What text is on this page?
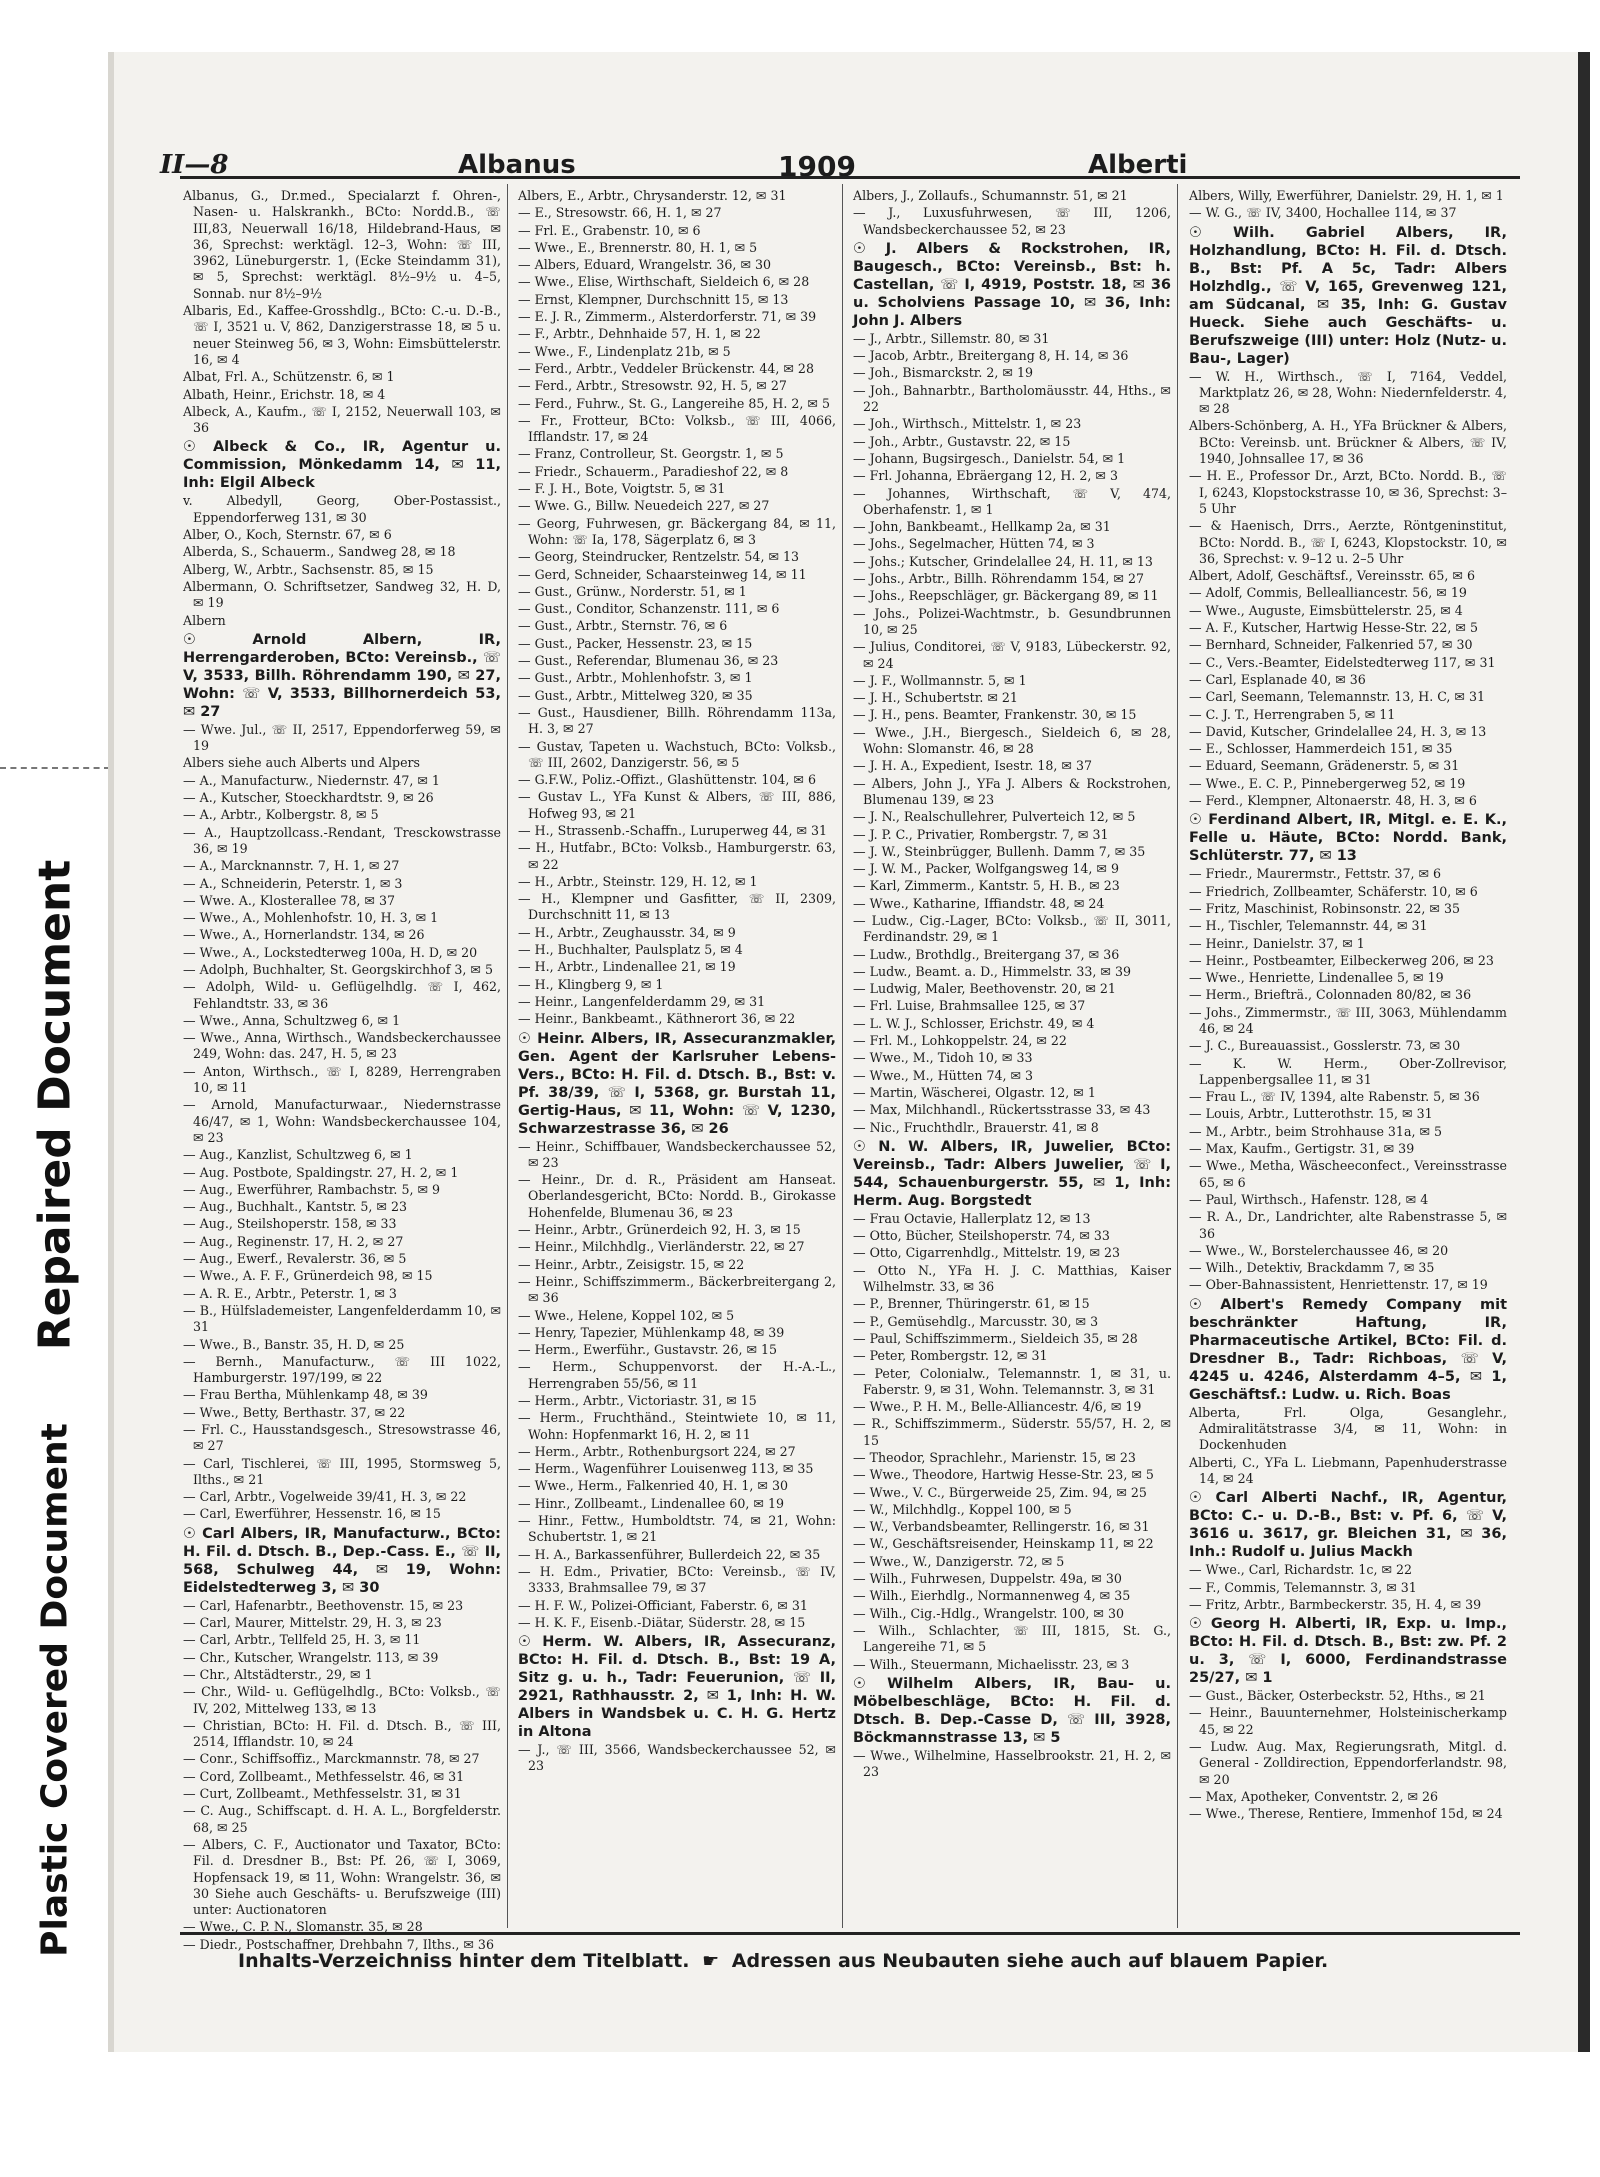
Repaired Document
Plastic Covered Document
II—8	Albanus	1909	Alberti
Albanus, G., Dr.med., Specialarzt f. Ohren-, Nasen- u. Halskrankh., BCto: Nordd.B., ☏ III,83, Neuerwall 16/18, Hildebrand-Haus, ✉ 36, Sprechst: werktägl. 12–3, Wohn: ☏ III, 3962, Lüneburgerstr. 1, (Ecke Steindamm 31), ✉ 5, Sprechst: werktägl. 8½–9½ u. 4–5, Sonnab. nur 8½–9½
Albaris, Ed., Kaffee-Grosshdlg., BCto: C.-u. D.-B., ☏ I, 3521 u. V, 862, Danzigerstrasse 18, ✉ 5 u. neuer Steinweg 56, ✉ 3, Wohn: Eimsbüttelerstr. 16, ✉ 4
Albat, Frl. A., Schützenstr. 6, ✉ 1
Albath, Heinr., Erichstr. 18, ✉ 4
Albeck, A., Kaufm., ☏ I, 2152, Neuerwall 103, ✉ 36
☉ Albeck & Co., IR, Agentur u. Commission, Mönkedamm 14, ✉ 11, Inh: Elgil Albeck
v. Albedyll, Georg, Ober-Postassist., Eppendorferweg 131, ✉ 30
Alber, O., Koch, Sternstr. 67, ✉ 6
Alberda, S., Schauerm., Sandweg 28, ✉ 18
Alberg, W., Arbtr., Sachsenstr. 85, ✉ 15
Albermann, O. Schriftsetzer, Sandweg 32, H. D, ✉ 19
Albern
☉ Arnold Albern, IR, Herrengarderoben, BCto: Vereinsb., ☏ V, 3533, Billh. Röhrendamm 190, ✉ 27, Wohn: ☏ V, 3533, Billhornerdeich 53, ✉ 27
— Wwe. Jul., ☏ II, 2517, Eppendorferweg 59, ✉ 19
Albers siehe auch Alberts und Alpers
— A., Manufacturw., Niedernstr. 47, ✉ 1
— A., Kutscher, Stoeckhardtstr. 9, ✉ 26
— A., Arbtr., Kolbergstr. 8, ✉ 5
— A., Hauptzollcass.-Rendant, Tresckowstrasse 36, ✉ 19
— A., Marcknannstr. 7, H. 1, ✉ 27
— A., Schneiderin, Peterstr. 1, ✉ 3
— Wwe. A., Klosterallee 78, ✉ 37
— Wwe., A., Mohlenhofstr. 10, H. 3, ✉ 1
— Wwe., A., Hornerlandstr. 134, ✉ 26
— Wwe., A., Lockstedterweg 100a, H. D, ✉ 20
— Adolph, Buchhalter, St. Georgskirchhof 3, ✉ 5
— Adolph, Wild- u. Geflügelhdlg. ☏ I, 462, Fehlandtstr. 33, ✉ 36
— Wwe., Anna, Schultzweg 6, ✉ 1
— Wwe., Anna, Wirthsch., Wandsbeckerchaussee 249, Wohn: das. 247, H. 5, ✉ 23
— Anton, Wirthsch., ☏ I, 8289, Herrengraben 10, ✉ 11
— Arnold, Manufacturwaar., Niedernstrasse 46/47, ✉ 1, Wohn: Wandsbeckerchaussee 104, ✉ 23
— Aug., Kanzlist, Schultzweg 6, ✉ 1
— Aug. Postbote, Spaldingstr. 27, H. 2, ✉ 1
— Aug., Ewerführer, Rambachstr. 5, ✉ 9
— Aug., Buchhalt., Kantstr. 5, ✉ 23
— Aug., Steilshoperstr. 158, ✉ 33
— Aug., Reginenstr. 17, H. 2, ✉ 27
— Aug., Ewerf., Revalerstr. 36, ✉ 5
— Wwe., A. F. F., Grünerdeich 98, ✉ 15
— A. R. E., Arbtr., Peterstr. 1, ✉ 3
— B., Hülfslademeister, Langenfelderdamm 10, ✉ 31
— Wwe., B., Banstr. 35, H. D, ✉ 25
— Bernh., Manufacturw., ☏ III 1022, Hamburgerstr. 197/199, ✉ 22
— Frau Bertha, Mühlenkamp 48, ✉ 39
— Wwe., Betty, Berthastr. 37, ✉ 22
— Frl. C., Hausstandsgesch., Stresowstrasse 46, ✉ 27
— Carl, Tischlerei, ☏ III, 1995, Stormsweg 5, Ilths., ✉ 21
— Carl, Arbtr., Vogelweide 39/41, H. 3, ✉ 22
— Carl, Ewerführer, Hessenstr. 16, ✉ 15
☉ Carl Albers, IR, Manufacturw., BCto: H. Fil. d. Dtsch. B., Dep.-Cass. E., ☏ II, 568, Schulweg 44, ✉ 19, Wohn: Eidelstedterweg 3, ✉ 30
— Carl, Hafenarbtr., Beethovenstr. 15, ✉ 23
— Carl, Maurer, Mittelstr. 29, H. 3, ✉ 23
— Carl, Arbtr., Tellfeld 25, H. 3, ✉ 11
— Chr., Kutscher, Wrangelstr. 113, ✉ 39
— Chr., Altstädterstr., 29, ✉ 1
— Chr., Wild- u. Geflügelhdlg., BCto: Volksb., ☏ IV, 202, Mittelweg 133, ✉ 13
— Christian, BCto: H. Fil. d. Dtsch. B., ☏ III, 2514, Ifflandstr. 10, ✉ 24
— Conr., Schiffsoffiz., Marckmannstr. 78, ✉ 27
— Cord, Zollbeamt., Methfesselstr. 46, ✉ 31
— Curt, Zollbeamt., Methfesselstr. 31, ✉ 31
— C. Aug., Schiffscapt. d. H. A. L., Borgfelderstr. 68, ✉ 25
— Albers, C. F., Auctionator und Taxator, BCto: Fil. d. Dresdner B., Bst: Pf. 26, ☏ I, 3069, Hopfensack 19, ✉ 11, Wohn: Wrangelstr. 36, ✉ 30 Siehe auch Geschäfts- u. Berufszweige (III) unter: Auctionatoren
— Wwe., C. P. N., Slomanstr. 35, ✉ 28
— Diedr., Postschaffner, Drehbahn 7, Ilths., ✉ 36
Albers, E., Arbtr., Chrysanderstr. 12, ✉ 31
— E., Stresowstr. 66, H. 1, ✉ 27
— Frl. E., Grabenstr. 10, ✉ 6
— Wwe., E., Brennerstr. 80, H. 1, ✉ 5
— Albers, Eduard, Wrangelstr. 36, ✉ 30
— Wwe., Elise, Wirthschaft, Sieldeich 6, ✉ 28
— Ernst, Klempner, Durchschnitt 15, ✉ 13
— E. J. R., Zimmerm., Alsterdorferstr. 71, ✉ 39
— F., Arbtr., Dehnhaide 57, H. 1, ✉ 22
— Wwe., F., Lindenplatz 21b, ✉ 5
— Ferd., Arbtr., Veddeler Brückenstr. 44, ✉ 28
— Ferd., Arbtr., Stresowstr. 92, H. 5, ✉ 27
— Ferd., Fuhrw., St. G., Langereihe 85, H. 2, ✉ 5
— Fr., Frotteur, BCto: Volksb., ☏ III, 4066, Ifflandstr. 17, ✉ 24
— Franz, Controlleur, St. Georgstr. 1, ✉ 5
— Friedr., Schauerm., Paradieshof 22, ✉ 8
— F. J. H., Bote, Voigtstr. 5, ✉ 31
— Wwe. G., Billw. Neuedeich 227, ✉ 27
— Georg, Fuhrwesen, gr. Bäckergang 84, ✉ 11, Wohn: ☏ Ia, 178, Sägerplatz 6, ✉ 3
— Georg, Steindrucker, Rentzelstr. 54, ✉ 13
— Gerd, Schneider, Schaarsteinweg 14, ✉ 11
— Gust., Grünw., Norderstr. 51, ✉ 1
— Gust., Conditor, Schanzenstr. 111, ✉ 6
— Gust., Arbtr., Sternstr. 76, ✉ 6
— Gust., Packer, Hessenstr. 23, ✉ 15
— Gust., Referendar, Blumenau 36, ✉ 23
— Gust., Arbtr., Mohlenhofstr. 3, ✉ 1
— Gust., Arbtr., Mittelweg 320, ✉ 35
— Gust., Hausdiener, Billh. Röhrendamm 113a, H. 3, ✉ 27
— Gustav, Tapeten u. Wachstuch, BCto: Volksb., ☏ III, 2602, Danzigerstr. 56, ✉ 5
— G.F.W., Poliz.-Offizt., Glashüttenstr. 104, ✉ 6
— Gustav L., YFa Kunst & Albers, ☏ III, 886, Hofweg 93, ✉ 21
— H., Strassenb.-Schaffn., Luruperweg 44, ✉ 31
— H., Hutfabr., BCto: Volksb., Hamburgerstr. 63, ✉ 22
— H., Arbtr., Steinstr. 129, H. 12, ✉ 1
— H., Klempner und Gasfitter, ☏ II, 2309, Durchschnitt 11, ✉ 13
— H., Arbtr., Zeughausstr. 34, ✉ 9
— H., Buchhalter, Paulsplatz 5, ✉ 4
— H., Arbtr., Lindenallee 21, ✉ 19
— H., Klingberg 9, ✉ 1
— Heinr., Langenfelderdamm 29, ✉ 31
— Heinr., Bankbeamt., Käthnerort 36, ✉ 22
☉ Heinr. Albers, IR, Assecuranzmakler, Gen. Agent der Karlsruher Lebens-Vers., BCto: H. Fil. d. Dtsch. B., Bst: v. Pf. 38/39, ☏ I, 5368, gr. Burstah 11, Gertig-Haus, ✉ 11, Wohn: ☏ V, 1230, Schwarzestrasse 36, ✉ 26
— Heinr., Schiffbauer, Wandsbeckerchaussee 52, ✉ 23
— Heinr., Dr. d. R., Präsident am Hanseat. Oberlandesgericht, BCto: Nordd. B., Girokasse Hohenfelde, Blumenau 36, ✉ 23
— Heinr., Arbtr., Grünerdeich 92, H. 3, ✉ 15
— Heinr., Milchhdlg., Vierländerstr. 22, ✉ 27
— Heinr., Arbtr., Zeisigstr. 15, ✉ 22
— Heinr., Schiffszimmerm., Bäckerbreitergang 2, ✉ 36
— Wwe., Helene, Koppel 102, ✉ 5
— Henry, Tapezier, Mühlenkamp 48, ✉ 39
— Herm., Ewerführ., Gustavstr. 26, ✉ 15
— Herm., Schuppenvorst. der H.-A.-L., Herrengraben 55/56, ✉ 11
— Herm., Arbtr., Victoriastr. 31, ✉ 15
— Herm., Fruchthänd., Steintwiete 10, ✉ 11, Wohn: Hopfenmarkt 16, H. 2, ✉ 11
— Herm., Arbtr., Rothenburgsort 224, ✉ 27
— Herm., Wagenführer Louisenweg 113, ✉ 35
— Wwe., Herm., Falkenried 40, H. 1, ✉ 30
— Hinr., Zollbeamt., Lindenallee 60, ✉ 19
— Hinr., Fettw., Humboldtstr. 74, ✉ 21, Wohn: Schubertstr. 1, ✉ 21
— H. A., Barkassenführer, Bullerdeich 22, ✉ 35
— H. Edm., Privatier, BCto: Vereinsb., ☏ IV, 3333, Brahmsallee 79, ✉ 37
— H. F. W., Polizei-Officiant, Faberstr. 6, ✉ 31
— H. K. F., Eisenb.-Diätar, Süderstr. 28, ✉ 15
☉ Herm. W. Albers, IR, Assecuranz, BCto: H. Fil. d. Dtsch. B., Bst: 19 A, Sitz g. u. h., Tadr: Feuerunion, ☏ II, 2921, Rathhausstr. 2, ✉ 1, Inh: H. W. Albers in Wandsbek u. C. H. G. Hertz in Altona
— J., ☏ III, 3566, Wandsbeckerchaussee 52, ✉ 23
Albers, J., Zollaufs., Schumannstr. 51, ✉ 21
— J., Luxusfuhrwesen, ☏ III, 1206, Wandsbeckerchaussee 52, ✉ 23
☉ J. Albers & Rockstrohen, IR, Baugesch., BCto: Vereinsb., Bst: h. Castellan, ☏ I, 4919, Poststr. 18, ✉ 36 u. Scholviens Passage 10, ✉ 36, Inh: John J. Albers
— J., Arbtr., Sillemstr. 80, ✉ 31
— Jacob, Arbtr., Breitergang 8, H. 14, ✉ 36
— Joh., Bismarckstr. 2, ✉ 19
— Joh., Bahnarbtr., Bartholomäusstr. 44, Hths., ✉ 22
— Joh., Wirthsch., Mittelstr. 1, ✉ 23
— Joh., Arbtr., Gustavstr. 22, ✉ 15
— Johann, Bugsirgesch., Danielstr. 54, ✉ 1
— Frl. Johanna, Ebräergang 12, H. 2, ✉ 3
— Johannes, Wirthschaft, ☏ V, 474, Oberhafenstr. 1, ✉ 1
— John, Bankbeamt., Hellkamp 2a, ✉ 31
— Johs., Segelmacher, Hütten 74, ✉ 3
— Johs.; Kutscher, Grindelallee 24, H. 11, ✉ 13
— Johs., Arbtr., Billh. Röhrendamm 154, ✉ 27
— Johs., Reepschläger, gr. Bäckergang 89, ✉ 11
— Johs., Polizei-Wachtmstr., b. Gesundbrunnen 10, ✉ 25
— Julius, Conditorei, ☏ V, 9183, Lübeckerstr. 92, ✉ 24
— J. F., Wollmannstr. 5, ✉ 1
— J. H., Schubertstr. ✉ 21
— J. H., pens. Beamter, Frankenstr. 30, ✉ 15
— Wwe., J.H., Biergesch., Sieldeich 6, ✉ 28, Wohn: Slomanstr. 46, ✉ 28
— J. H. A., Expedient, Isestr. 18, ✉ 37
— Albers, John J., YFa J. Albers & Rockstrohen, Blumenau 139, ✉ 23
— J. N., Realschullehrer, Pulverteich 12, ✉ 5
— J. P. C., Privatier, Rombergstr. 7, ✉ 31
— J. W., Steinbrügger, Bullenh. Damm 7, ✉ 35
— J. W. M., Packer, Wolfgangsweg 14, ✉ 9
— Karl, Zimmerm., Kantstr. 5, H. B., ✉ 23
— Wwe., Katharine, Iffiandstr. 48, ✉ 24
— Ludw., Cig.-Lager, BCto: Volksb., ☏ II, 3011, Ferdinandstr. 29, ✉ 1
— Ludw., Brothdlg., Breitergang 37, ✉ 36
— Ludw., Beamt. a. D., Himmelstr. 33, ✉ 39
— Ludwig, Maler, Beethovenstr. 20, ✉ 21
— Frl. Luise, Brahmsallee 125, ✉ 37
— L. W. J., Schlosser, Erichstr. 49, ✉ 4
— Frl. M., Lohkoppelstr. 24, ✉ 22
— Wwe., M., Tidoh 10, ✉ 33
— Wwe., M., Hütten 74, ✉ 3
— Martin, Wäscherei, Olgastr. 12, ✉ 1
— Max, Milchhandl., Rückertsstrasse 33, ✉ 43
— Nic., Fruchthdlr., Brauerstr. 41, ✉ 8
☉ N. W. Albers, IR, Juwelier, BCto: Vereinsb., Tadr: Albers Juwelier, ☏ I, 544, Schauenburgerstr. 55, ✉ 1, Inh: Herm. Aug. Borgstedt
— Frau Octavie, Hallerplatz 12, ✉ 13
— Otto, Bücher, Steilshoperstr. 74, ✉ 33
— Otto, Cigarrenhdlg., Mittelstr. 19, ✉ 23
— Otto N., YFa H. J. C. Matthias, Kaiser Wilhelmstr. 33, ✉ 36
— P., Brenner, Thüringerstr. 61, ✉ 15
— P., Gemüsehdlg., Marcusstr. 30, ✉ 3
— Paul, Schiffszimmerm., Sieldeich 35, ✉ 28
— Peter, Rombergstr. 12, ✉ 31
— Peter, Colonialw., Telemannstr. 1, ✉ 31, u. Faberstr. 9, ✉ 31, Wohn. Telemannstr. 3, ✉ 31
— Wwe., P. H. M., Belle-Alliancestr. 4/6, ✉ 19
— R., Schiffszimmerm., Süderstr. 55/57, H. 2, ✉ 15
— Theodor, Sprachlehr., Marienstr. 15, ✉ 23
— Wwe., Theodore, Hartwig Hesse-Str. 23, ✉ 5
— Wwe., V. C., Bürgerweide 25, Zim. 94, ✉ 25
— W., Milchhdlg., Koppel 100, ✉ 5
— W., Verbandsbeamter, Rellingerstr. 16, ✉ 31
— W., Geschäftsreisender, Heinskamp 11, ✉ 22
— Wwe., W., Danzigerstr. 72, ✉ 5
— Wilh., Fuhrwesen, Duppelstr. 49a, ✉ 30
— Wilh., Eierhdlg., Normannenweg 4, ✉ 35
— Wilh., Cig.-Hdlg., Wrangelstr. 100, ✉ 30
— Wilh., Schlachter, ☏ III, 1815, St. G., Langereihe 71, ✉ 5
— Wilh., Steuermann, Michaelisstr. 23, ✉ 3
☉ Wilhelm Albers, IR, Bau- u. Möbelbeschläge, BCto: H. Fil. d. Dtsch. B. Dep.-Casse D, ☏ III, 3928, Böckmannstrasse 13, ✉ 5
— Wwe., Wilhelmine, Hasselbrookstr. 21, H. 2, ✉ 23
Albers, Willy, Ewerführer, Danielstr. 29, H. 1, ✉ 1
— W. G., ☏ IV, 3400, Hochallee 114, ✉ 37
☉ Wilh. Gabriel Albers, IR, Holzhandlung, BCto: H. Fil. d. Dtsch. B., Bst: Pf. A 5c, Tadr: Albers Holzhdlg., ☏ V, 165, Grevenweg 121, am Südcanal, ✉ 35, Inh: G. Gustav Hueck. Siehe auch Geschäfts- u. Berufszweige (III) unter: Holz (Nutz- u. Bau-, Lager)
— W. H., Wirthsch., ☏ I, 7164, Veddel, Marktplatz 26, ✉ 28, Wohn: Niedernfelderstr. 4, ✉ 28
Albers-Schönberg, A. H., YFa Brückner & Albers, BCto: Vereinsb. unt. Brückner & Albers, ☏ IV, 1940, Johnsallee 17, ✉ 36
— H. E., Professor Dr., Arzt, BCto. Nordd. B., ☏ I, 6243, Klopstockstrasse 10, ✉ 36, Sprechst: 3–5 Uhr
— & Haenisch, Drrs., Aerzte, Röntgeninstitut, BCto: Nordd. B., ☏ I, 6243, Klopstockstr. 10, ✉ 36, Sprechst: v. 9–12 u. 2–5 Uhr
Albert, Adolf, Geschäftsf., Vereinsstr. 65, ✉ 6
— Adolf, Commis, Bellealliancestr. 56, ✉ 19
— Wwe., Auguste, Eimsbüttelerstr. 25, ✉ 4
— A. F., Kutscher, Hartwig Hesse-Str. 22, ✉ 5
— Bernhard, Schneider, Falkenried 57, ✉ 30
— C., Vers.-Beamter, Eidelstedterweg 117, ✉ 31
— Carl, Esplanade 40, ✉ 36
— Carl, Seemann, Telemannstr. 13, H. C, ✉ 31
— C. J. T., Herrengraben 5, ✉ 11
— David, Kutscher, Grindelallee 24, H. 3, ✉ 13
— E., Schlosser, Hammerdeich 151, ✉ 35
— Eduard, Seemann, Grädenerstr. 5, ✉ 31
— Wwe., E. C. P., Pinnebergerweg 52, ✉ 19
— Ferd., Klempner, Altonaerstr. 48, H. 3, ✉ 6
☉ Ferdinand Albert, IR, Mitgl. e. E. K., Felle u. Häute, BCto: Nordd. Bank, Schlüterstr. 77, ✉ 13
— Friedr., Maurermstr., Fettstr. 37, ✉ 6
— Friedrich, Zollbeamter, Schäferstr. 10, ✉ 6
— Fritz, Maschinist, Robinsonstr. 22, ✉ 35
— H., Tischler, Telemannstr. 44, ✉ 31
— Heinr., Danielstr. 37, ✉ 1
— Heinr., Postbeamter, Eilbeckerweg 206, ✉ 23
— Wwe., Henriette, Lindenallee 5, ✉ 19
— Herm., Briefträ., Colonnaden 80/82, ✉ 36
— Johs., Zimmermstr., ☏ III, 3063, Mühlendamm 46, ✉ 24
— J. C., Bureauassist., Gosslerstr. 73, ✉ 30
— K. W. Herm., Ober-Zollrevisor, Lappenbergsallee 11, ✉ 31
— Frau L., ☏ IV, 1394, alte Rabenstr. 5, ✉ 36
— Louis, Arbtr., Lutterothstr. 15, ✉ 31
— M., Arbtr., beim Strohhause 31a, ✉ 5
— Max, Kaufm., Gertigstr. 31, ✉ 39
— Wwe., Metha, Wäscheeconfect., Vereinsstrasse 65, ✉ 6
— Paul, Wirthsch., Hafenstr. 128, ✉ 4
— R. A., Dr., Landrichter, alte Rabenstrasse 5, ✉ 36
— Wwe., W., Borstelerchaussee 46, ✉ 20
— Wilh., Detektiv, Brackdamm 7, ✉ 35
— Ober-Bahnassistent, Henriettenstr. 17, ✉ 19
☉ Albert's Remedy Company mit beschränkter Haftung, IR, Pharmaceutische Artikel, BCto: Fil. d. Dresdner B., Tadr: Richboas, ☏ V, 4245 u. 4246, Alsterdamm 4–5, ✉ 1, Geschäftsf.: Ludw. u. Rich. Boas
Alberta, Frl. Olga, Gesanglehr., Admiralitätstrasse 3/4, ✉ 11, Wohn: in Dockenhuden
Alberti, C., YFa L. Liebmann, Papenhuderstrasse 14, ✉ 24
☉ Carl Alberti Nachf., IR, Agentur, BCto: C.- u. D.-B., Bst: v. Pf. 6, ☏ V, 3616 u. 3617, gr. Bleichen 31, ✉ 36, Inh.: Rudolf u. Julius Mackh
— Wwe., Carl, Richardstr. 1c, ✉ 22
— F., Commis, Telemannstr. 3, ✉ 31
— Fritz, Arbtr., Barmbeckerstr. 35, H. 4, ✉ 39
☉ Georg H. Alberti, IR, Exp. u. Imp., BCto: H. Fil. d. Dtsch. B., Bst: zw. Pf. 2 u. 3, ☏ I, 6000, Ferdinandstrasse 25/27, ✉ 1
— Gust., Bäcker, Osterbeckstr. 52, Hths., ✉ 21
— Heinr., Bauunternehmer, Holsteinischerkamp 45, ✉ 22
— Ludw. Aug. Max, Regierungsrath, Mitgl. d. General - Zolldirection, Eppendorferlandstr. 98, ✉ 20
— Max, Apotheker, Conventstr. 2, ✉ 26
— Wwe., Therese, Rentiere, Immenhof 15d, ✉ 24
Inhalts-Verzeichniss hinter dem Titelblatt. ☛ Adressen aus Neubauten siehe auch auf blauem Papier.
